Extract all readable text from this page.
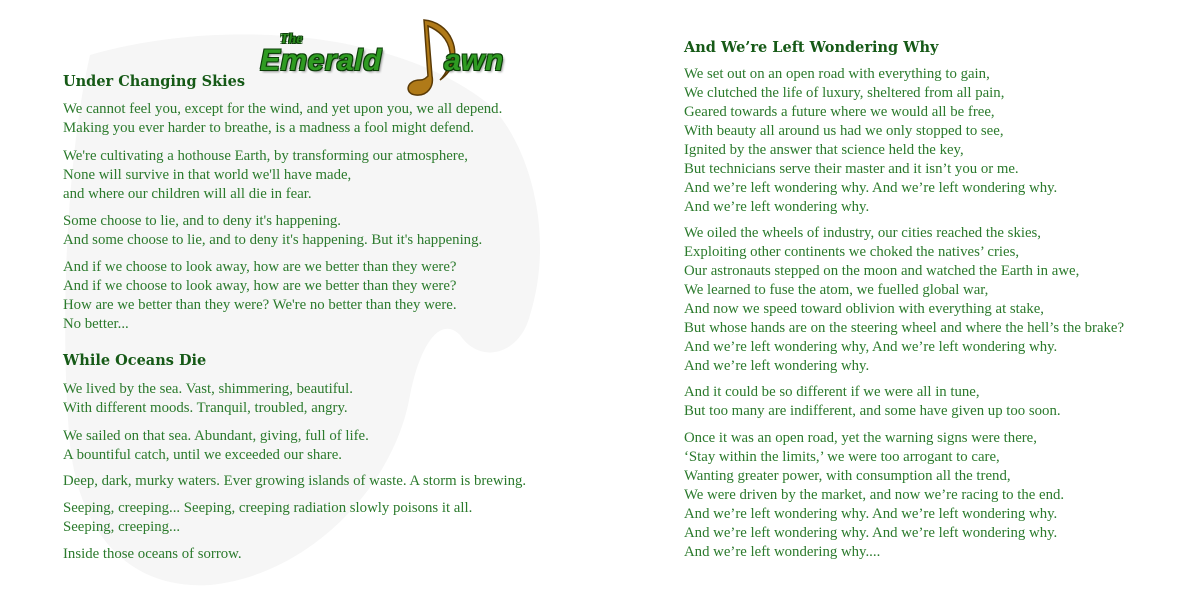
The
Emerald awn
Under Changing Skies
We cannot feel you, except for the wind, and yet upon you, we all depend.
Making you ever harder to breathe, is a madness a fool might defend.
We're cultivating a hothouse Earth, by transforming our atmosphere,
None will survive in that world we'll have made,
and where our children will all die in fear.
Some choose to lie, and to deny it's happening.
And some choose to lie, and to deny it's happening. But it's happening.
And if we choose to look away, how are we better than they were?
And if we choose to look away, how are we better than they were?
How are we better than they were? We're no better than they were.
No better...
While Oceans Die
We lived by the sea. Vast, shimmering, beautiful.
With different moods. Tranquil, troubled, angry.
We sailed on that sea. Abundant, giving, full of life.
A bountiful catch, until we exceeded our share.
Deep, dark, murky waters. Ever growing islands of waste. A storm is brewing.
Seeping, creeping... Seeping, creeping radiation slowly poisons it all.
Seeping, creeping...
Inside those oceans of sorrow.
And We’re Left Wondering Why
We set out on an open road with everything to gain,
We clutched the life of luxury, sheltered from all pain,
Geared towards a future where we would all be free,
With beauty all around us had we only stopped to see,
Ignited by the answer that science held the key,
But technicians serve their master and it isn’t you or me.
And we’re left wondering why. And we’re left wondering why.
And we’re left wondering why.
We oiled the wheels of industry, our cities reached the skies,
Exploiting other continents we choked the natives’ cries,
Our astronauts stepped on the moon and watched the Earth in awe,
We learned to fuse the atom, we fuelled global war,
And now we speed toward oblivion with everything at stake,
But whose hands are on the steering wheel and where the hell’s the brake?
And we’re left wondering why, And we’re left wondering why.
And we’re left wondering why.
And it could be so different if we were all in tune,
But too many are indifferent, and some have given up too soon.
Once it was an open road, yet the warning signs were there,
‘Stay within the limits,’ we were too arrogant to care,
Wanting greater power, with consumption all the trend,
We were driven by the market, and now we’re racing to the end.
And we’re left wondering why. And we’re left wondering why.
And we’re left wondering why. And we’re left wondering why.
And we’re left wondering why....
